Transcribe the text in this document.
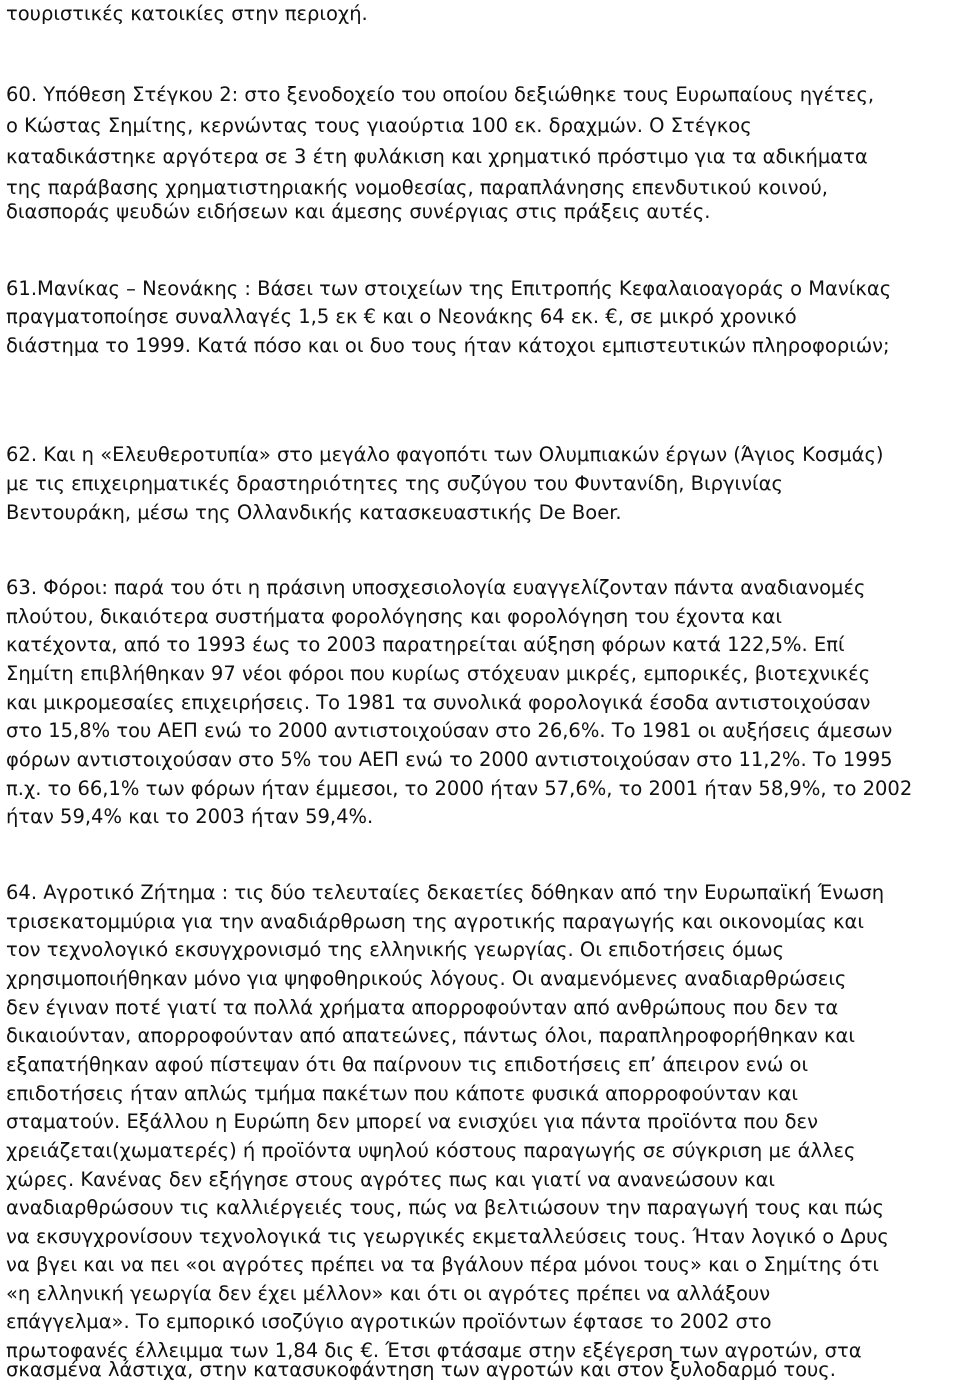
τουριστικές κατοικίες στην περιοχή.

60. Υπόθεση Στέγκου 2: στο ξενοδοχείο του οποίου δεξιώθηκε τους Ευρωπαίους ηγέτες,

ο Κώστας Σημίτης, κερνώντας τους γιαούρτια 100 εκ. δραχμών. Ο Στέγκος

καταδικάστηκε αργότερα σε 3 έτη φυλάκιση και χρηματικό πρόστιμο για τα αδικήματα

της παράβασης χρηματιστηριακής νομοθεσίας, παραπλάνησης επενδυτικού κοινού,

διασποράς ψευδών ειδήσεων και άμεσης συνέργιας στις πράξεις αυτές.

61.Μανίκας – Νεονάκης : Βάσει των στοιχείων της Επιτροπής Κεφαλαιοαγοράς ο Μανίκας

πραγματοποίησε συναλλαγές 1,5 εκ € και ο Νεονάκης 64 εκ. €, σε μικρό χρονικό

διάστημα το 1999. Κατά πόσο και οι δυο τους ήταν κάτοχοι εμπιστευτικών πληροφοριών;

62. Και η «Ελευθεροτυπία» στο μεγάλο φαγοπότι των Ολυμπιακών έργων (Άγιος Κοσμάς)

με τις επιχειρηματικές δραστηριότητες της συζύγου του Φυντανίδη, Βιργινίας

Βεντουράκη, μέσω της Ολλανδικής κατασκευαστικής De Boer.

63. Φόροι: παρά του ότι η πράσινη υποσχεσιολογία ευαγγελίζονταν πάντα αναδιανομές

πλούτου, δικαιότερα συστήματα φορολόγησης και φορολόγηση του έχοντα και

κατέχοντα, από το 1993 έως το 2003 παρατηρείται αύξηση φόρων κατά 122,5%. Επί

Σημίτη επιβλήθηκαν 97 νέοι φόροι που κυρίως στόχευαν μικρές, εμπορικές, βιοτεχνικές

και μικρομεσαίες επιχειρήσεις. Το 1981 τα συνολικά φορολογικά έσοδα αντιστοιχούσαν

στο 15,8% του ΑΕΠ ενώ το 2000 αντιστοιχούσαν στο 26,6%. Το 1981 οι αυξήσεις άμεσων

φόρων αντιστοιχούσαν στο 5% του ΑΕΠ ενώ το 2000 αντιστοιχούσαν στο 11,2%. Το 1995

π.χ. το 66,1% των φόρων ήταν έμμεσοι, το 2000 ήταν 57,6%, το 2001 ήταν 58,9%, το 2002

ήταν 59,4% και το 2003 ήταν 59,4%.

64. Αγροτικό Ζήτημα : τις δύο τελευταίες δεκαετίες δόθηκαν από την Ευρωπαϊκή Ένωση

τρισεκατομμύρια για την αναδιάρθρωση της αγροτικής παραγωγής και οικονομίας και

τον τεχνολογικό εκσυγχρονισμό της ελληνικής γεωργίας. Οι επιδοτήσεις όμως

χρησιμοποιήθηκαν μόνο για ψηφοθηρικούς λόγους. Οι αναμενόμενες αναδιαρθρώσεις

δεν έγιναν ποτέ γιατί τα πολλά χρήματα απορροφούνταν από ανθρώπους που δεν τα

δικαιούνταν, απορροφούνταν από απατεώνες, πάντως όλοι, παραπληροφορήθηκαν και

εξαπατήθηκαν αφού πίστεψαν ότι θα παίρνουν τις επιδοτήσεις επ’ άπειρον ενώ οι

επιδοτήσεις ήταν απλώς τμήμα πακέτων που κάποτε φυσικά απορροφούνταν και

σταματούν. Εξάλλου η Ευρώπη δεν μπορεί να ενισχύει για πάντα προϊόντα που δεν

χρειάζεται(χωματερές) ή προϊόντα υψηλού κόστους παραγωγής σε σύγκριση με άλλες

χώρες. Κανένας δεν εξήγησε στους αγρότες πως και γιατί να ανανεώσουν και

αναδιαρθρώσουν τις καλλιέργειές τους, πώς να βελτιώσουν την παραγωγή τους και πώς

να εκσυγχρονίσουν τεχνολογικά τις γεωργικές εκμεταλλεύσεις τους. Ήταν λογικό ο Δρυς

να βγει και να πει «οι αγρότες πρέπει να τα βγάλουν πέρα μόνοι τους» και ο Σημίτης ότι

«η ελληνική γεωργία δεν έχει μέλλον» και ότι οι αγρότες πρέπει να αλλάξουν

επάγγελμα». Το εμπορικό ισοζύγιο αγροτικών προϊόντων έφτασε το 2002 στο

πρωτοφανές έλλειμμα των 1,84 δις €. Έτσι φτάσαμε στην εξέγερση των αγροτών, στα

σκασμένα λάστιχα, στην κατασυκοφάντηση των αγροτών και στον ξυλοδαρμό τους.
